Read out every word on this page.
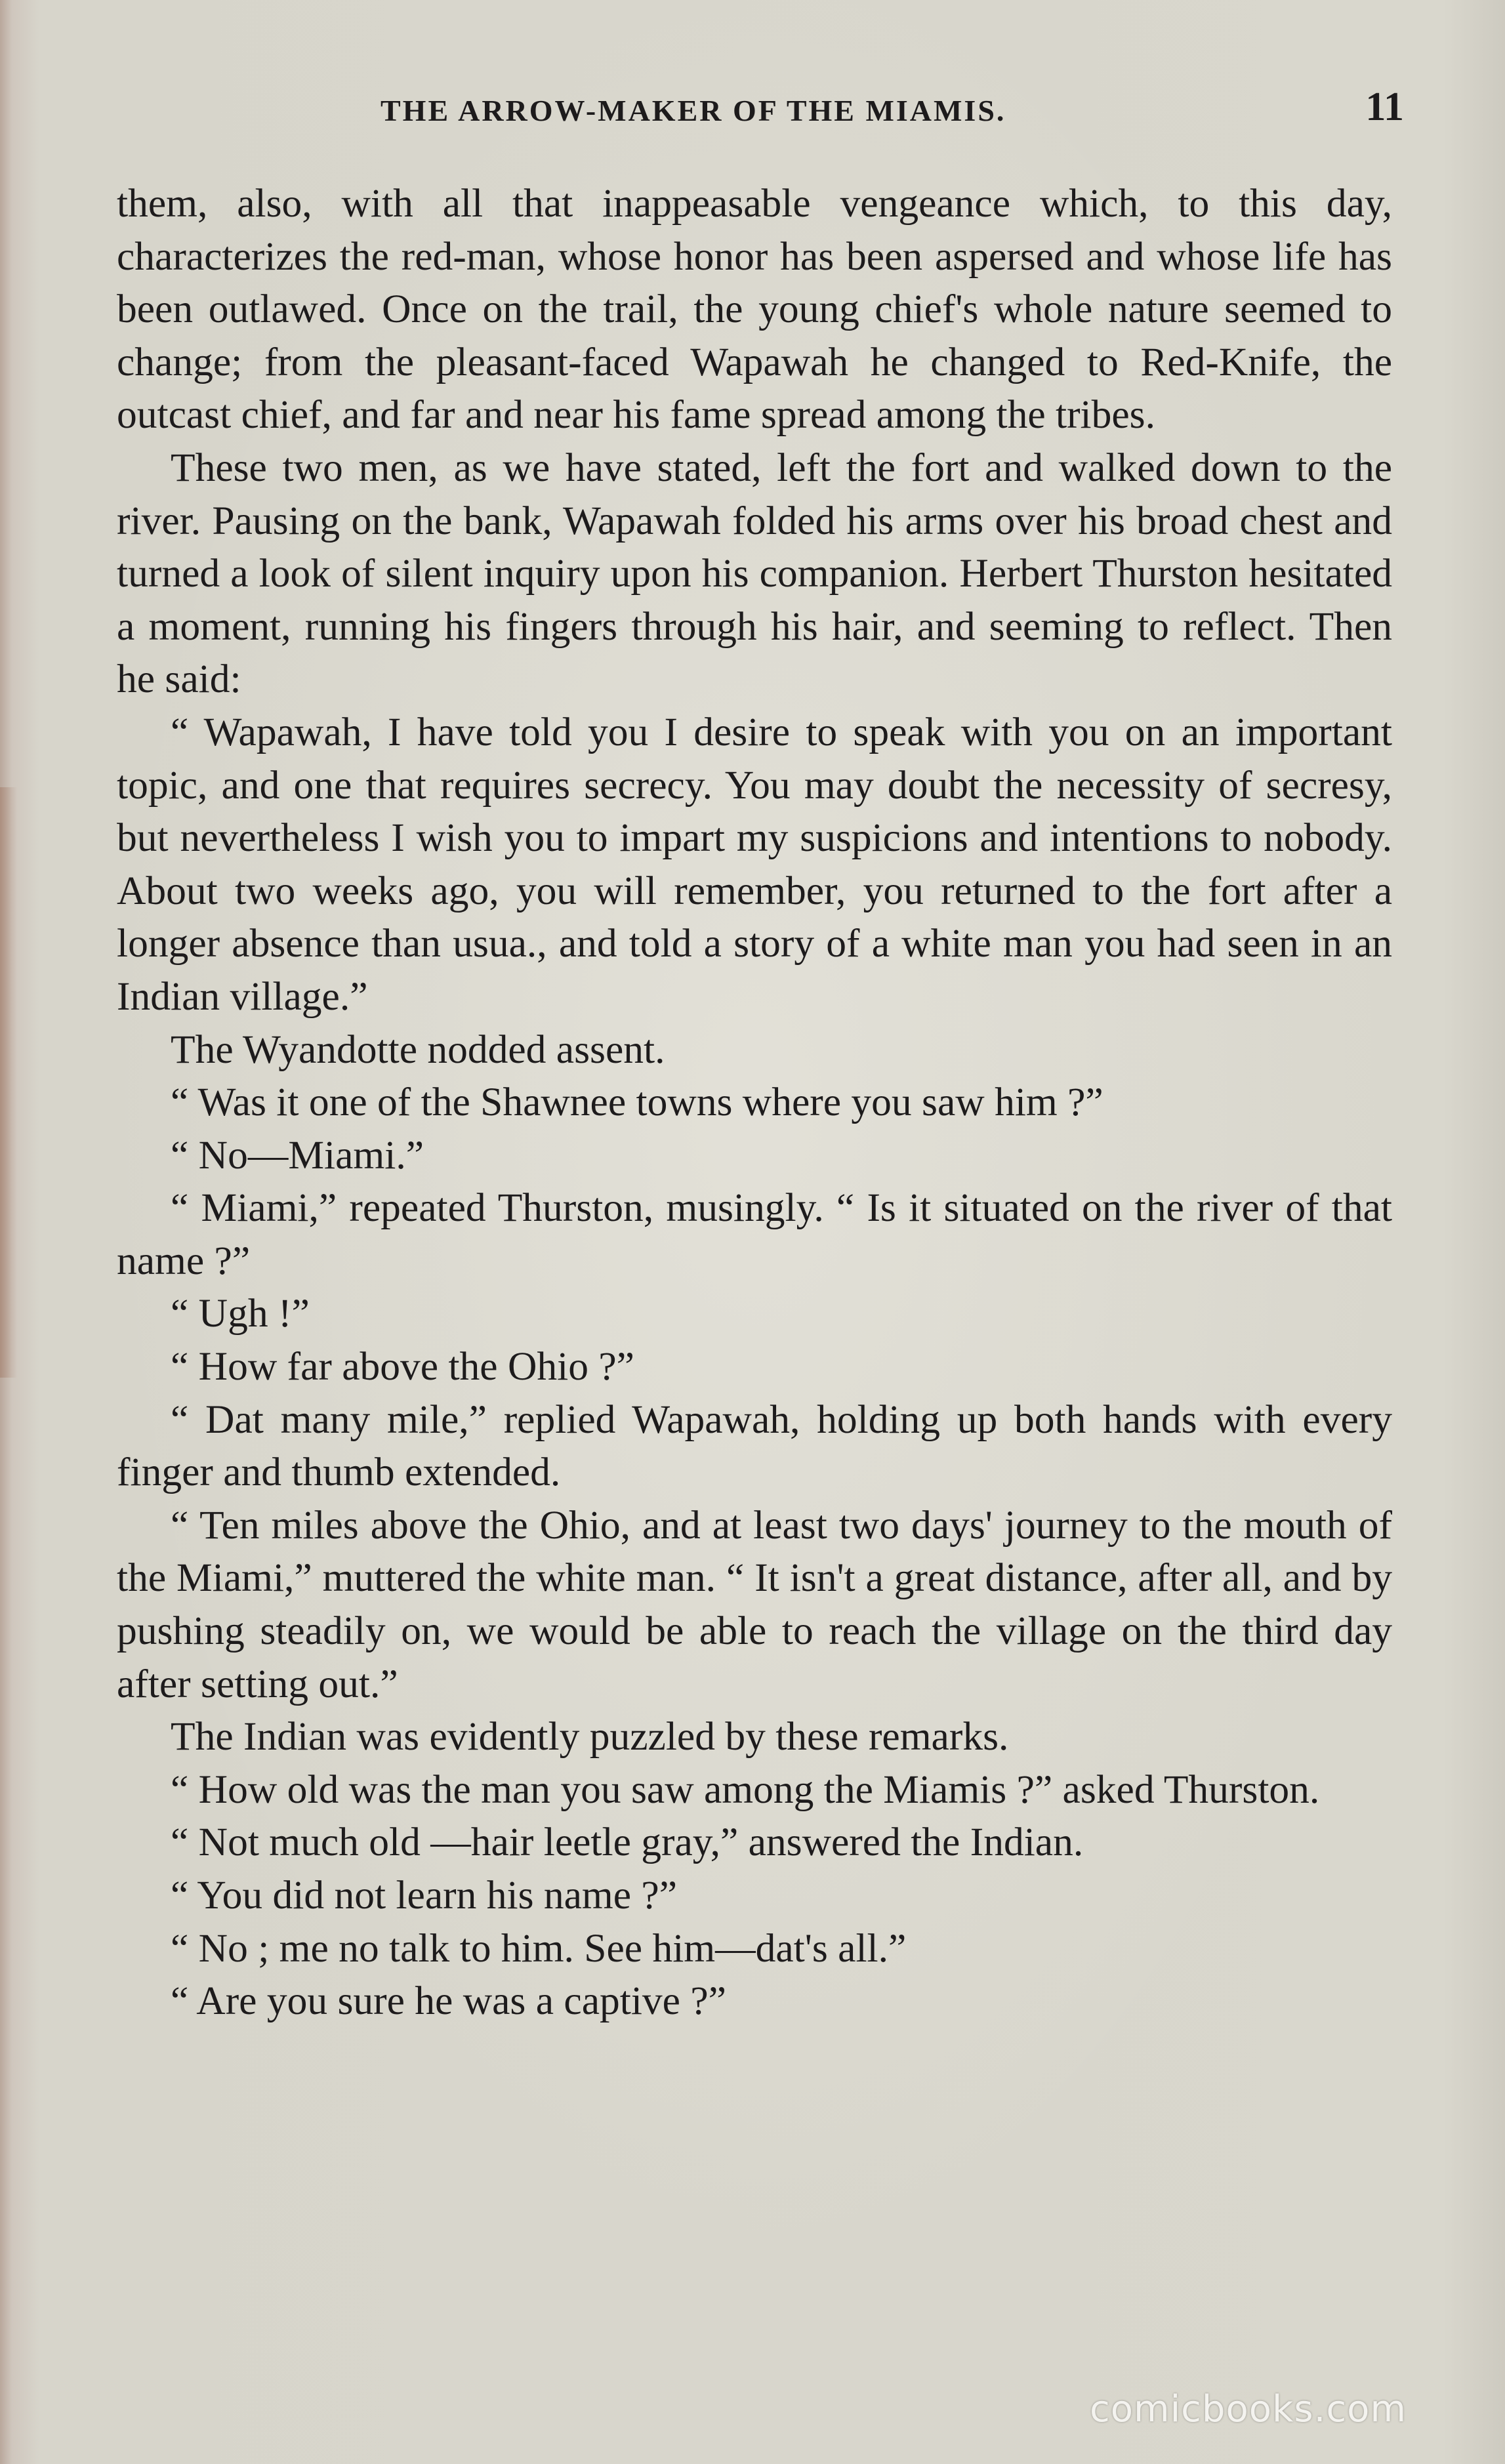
THE ARROW-MAKER OF THE MIAMIS.	11

them, also, with all that inappeasable vengeance which, to this day, characterizes the red-man, whose honor has been aspersed and whose life has been outlawed. Once on the trail, the young chief's whole nature seemed to change; from the pleasant-faced Wapawah he changed to Red-Knife, the outcast chief, and far and near his fame spread among the tribes.

These two men, as we have stated, left the fort and walked down to the river. Pausing on the bank, Wapawah folded his arms over his broad chest and turned a look of silent inquiry upon his companion. Herbert Thurston hesitated a moment, running his fingers through his hair, and seeming to reflect. Then he said:

“ Wapawah, I have told you I desire to speak with you on an important topic, and one that requires secrecy. You may doubt the necessity of secresy, but nevertheless I wish you to impart my suspicions and intentions to nobody. About two weeks ago, you will remember, you returned to the fort after a longer absence than usua., and told a story of a white man you had seen in an Indian village.”

The Wyandotte nodded assent.

“ Was it one of the Shawnee towns where you saw him ?”

“ No—Miami.”

“ Miami,” repeated Thurston, musingly. “ Is it situated on the river of that name ?”

“ Ugh !”

“ How far above the Ohio ?”

“ Dat many mile,” replied Wapawah, holding up both hands with every finger and thumb extended.

“ Ten miles above the Ohio, and at least two days' journey to the mouth of the Miami,” muttered the white man. “ It isn't a great distance, after all, and by pushing steadily on, we would be able to reach the village on the third day after setting out.”

The Indian was evidently puzzled by these remarks.

“ How old was the man you saw among the Miamis ?” asked Thurston.

“ Not much old —hair leetle gray,” answered the Indian.

“ You did not learn his name ?”

“ No ; me no talk to him. See him—dat's all.”

“ Are you sure he was a captive ?”

comicbooks.com
